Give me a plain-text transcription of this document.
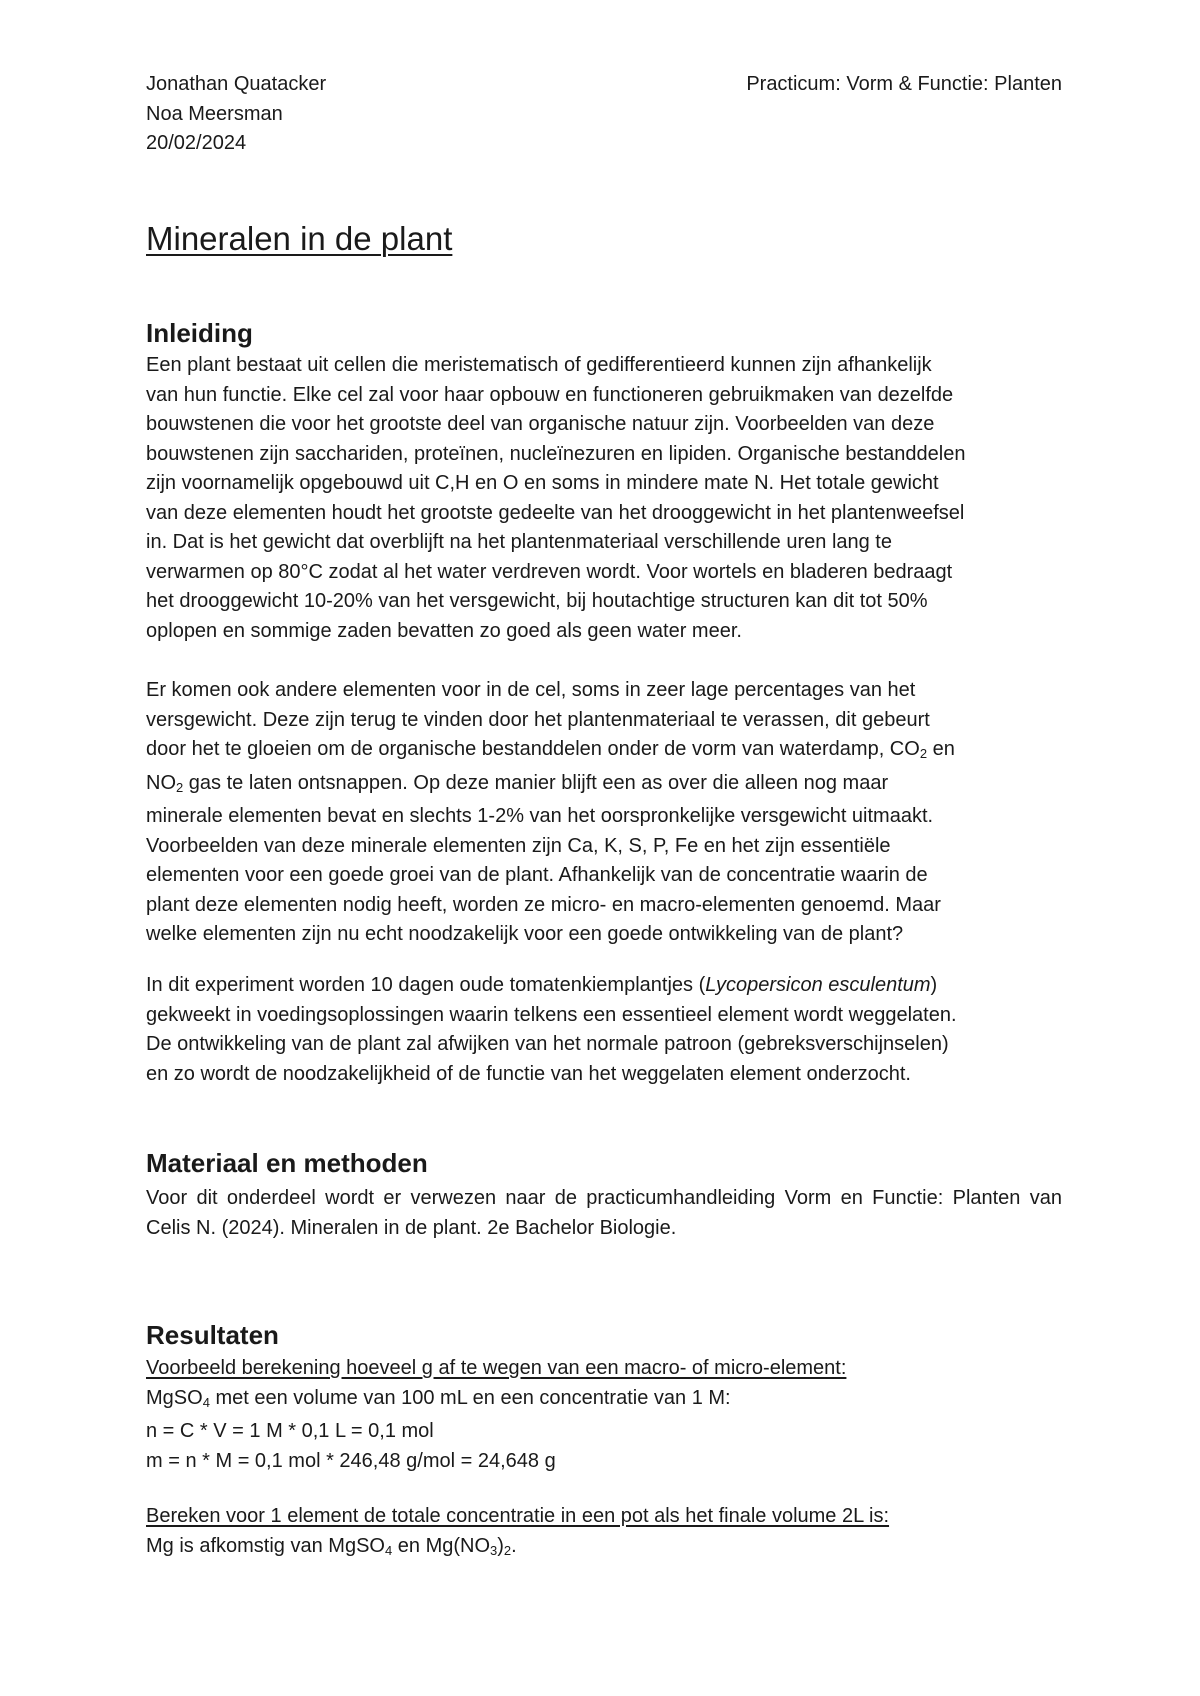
Jonathan Quatacker
Noa Meersman
20/02/2024
Practicum: Vorm & Functie: Planten
Mineralen in de plant
Inleiding
Een plant bestaat uit cellen die meristematisch of gedifferentieerd kunnen zijn afhankelijk
van hun functie. Elke cel zal voor haar opbouw en functioneren gebruikmaken van dezelfde
bouwstenen die voor het grootste deel van organische natuur zijn. Voorbeelden van deze
bouwstenen zijn sacchariden, proteïnen, nucleïnezuren en lipiden. Organische bestanddelen
zijn voornamelijk opgebouwd uit C,H en O en soms in mindere mate N. Het totale gewicht
van deze elementen houdt het grootste gedeelte van het drooggewicht in het plantenweefsel
in. Dat is het gewicht dat overblijft na het plantenmateriaal verschillende uren lang te
verwarmen op 80°C zodat al het water verdreven wordt. Voor wortels en bladeren bedraagt
het drooggewicht 10-20% van het versgewicht, bij houtachtige structuren kan dit tot 50%
oplopen en sommige zaden bevatten zo goed als geen water meer.
Er komen ook andere elementen voor in de cel, soms in zeer lage percentages van het
versgewicht. Deze zijn terug te vinden door het plantenmateriaal te verassen, dit gebeurt
door het te gloeien om de organische bestanddelen onder de vorm van waterdamp, $CO_2$ en
$NO_2$ gas te laten ontsnappen. Op deze manier blijft een as over die alleen nog maar
minerale elementen bevat en slechts 1-2% van het oorspronkelijke versgewicht uitmaakt.
Voorbeelden van deze minerale elementen zijn Ca, K, S, P, Fe en het zijn essentiële
elementen voor een goede groei van de plant. Afhankelijk van de concentratie waarin de
plant deze elementen nodig heeft, worden ze micro- en macro-elementen genoemd. Maar
welke elementen zijn nu echt noodzakelijk voor een goede ontwikkeling van de plant?
In dit experiment worden 10 dagen oude tomatenkiemplantjes (Lycopersicon esculentum)
gekweekt in voedingsoplossingen waarin telkens een essentieel element wordt weggelaten.
De ontwikkeling van de plant zal afwijken van het normale patroon (gebreksverschijnselen)
en zo wordt de noodzakelijkheid of de functie van het weggelaten element onderzocht.
Materiaal en methoden

Voor dit onderdeel wordt er verwezen naar de practicumhandleiding Vorm en Functie: Planten van Celis N. (2024). Mineralen in de plant. 2e Bachelor Biologie.

Resultaten
Voorbeeld berekening hoeveel g af te wegen van een macro- of micro-element:
MgSO$_4$ met een volume van 100 mL en een concentratie van 1 M:
n = C * V = 1 M * 0,1 L = 0,1 mol
m = n * M = 0,1 mol * 246,48 g/mol = 24,648 g
Bereken voor 1 element de totale concentratie in een pot als het finale volume 2L is:
Mg is afkomstig van MgSO$_4$ en $Mg(NO_3)_2$.
